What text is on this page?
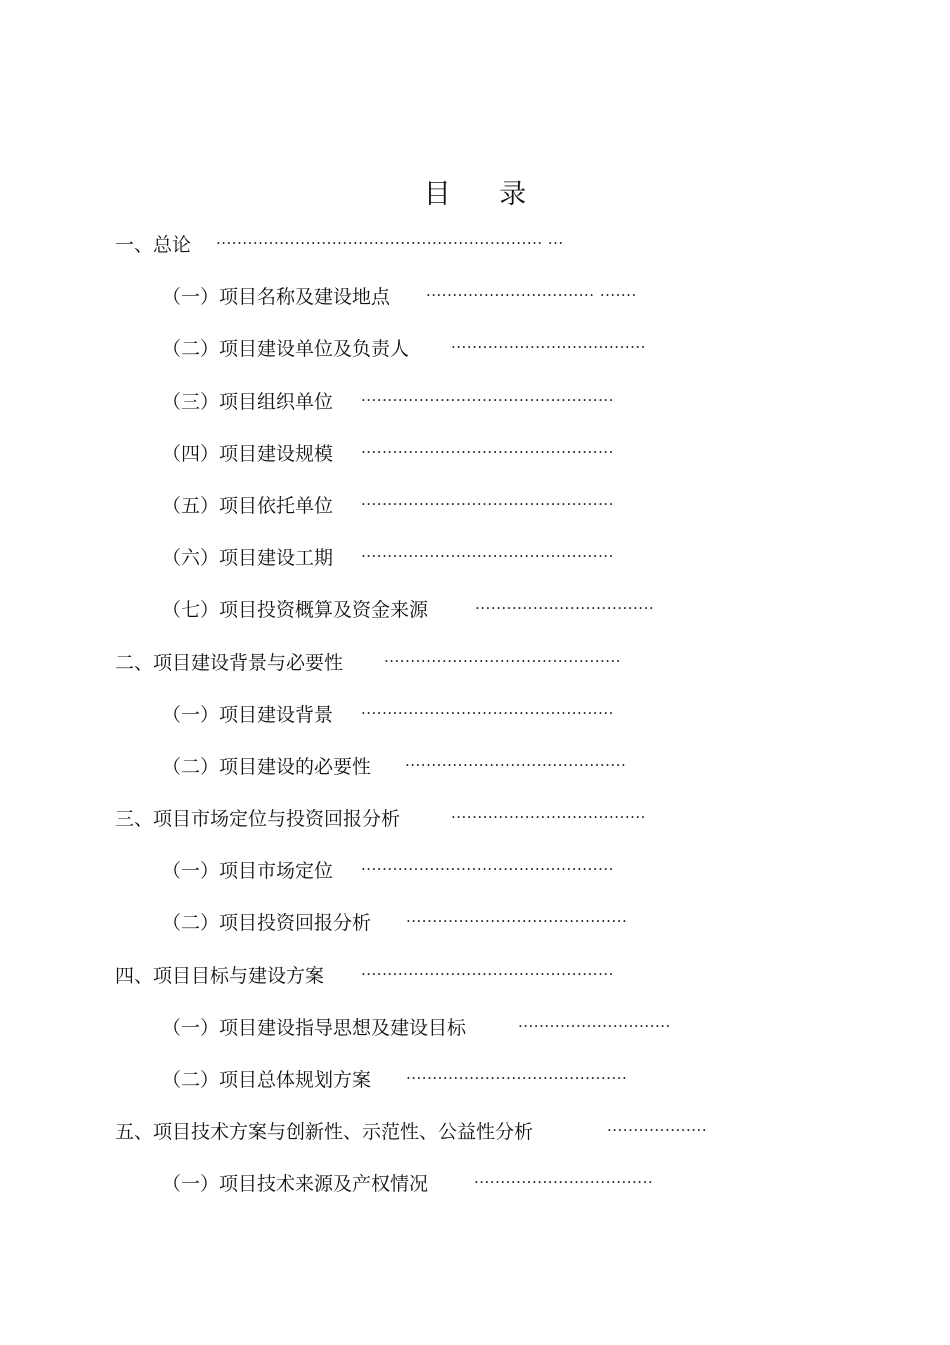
目 录
一、总论 ······························································ ···
（一）项目名称及建设地点 ································ ·······
（二）项目建设单位及负责人	·····································
（三）项目组织单位 ················································
（四）项目建设规模 ················································
（五）项目依托单位 ················································
（六）项目建设工期 ················································
（七）项目投资概算及资金来源	··································
二、项目建设背景与必要性	·············································
（一）项目建设背景 ················································
（二）项目建设的必要性 ··········································
三、项目市场定位与投资回报分析	·····································
（一）项目市场定位 ················································
（二）项目投资回报分析 ··········································
四、项目目标与建设方案 ················································
（一）项目建设指导思想及建设目标	·····························
（二）项目总体规划方案 ··········································
五、项目技术方案与创新性、示范性、公益性分析	···················
（一）项目技术来源及产权情况	··································
